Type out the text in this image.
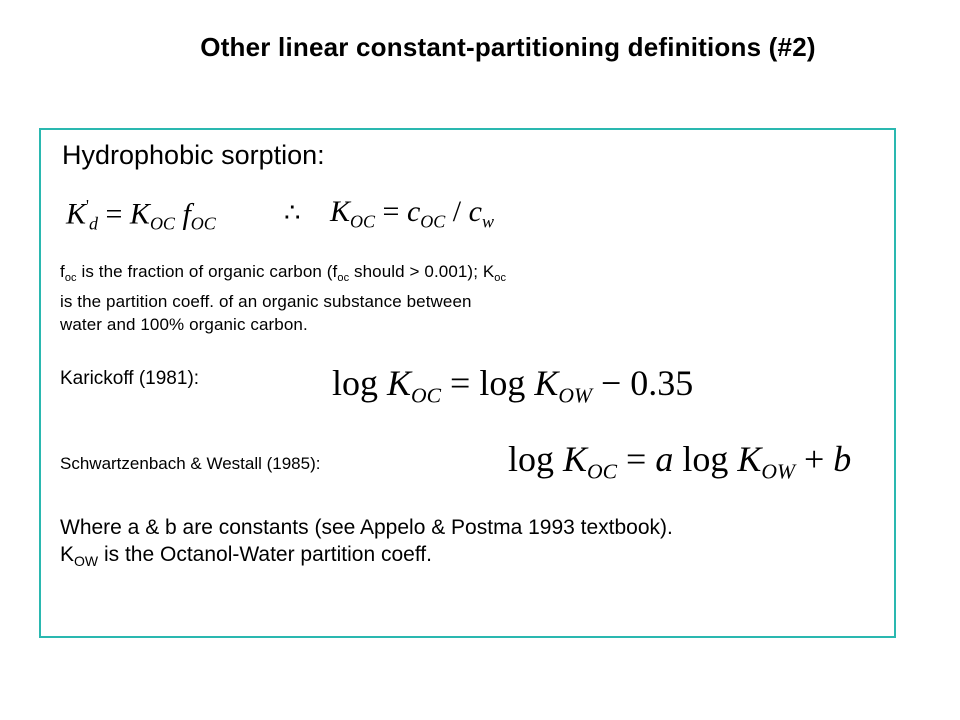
Other linear constant-partitioning definitions (#2)
Hydrophobic sorption:
$K'_d = K_{OC}$ $f_{OC}$	∴ $K_{OC} = c_{OC} / c_w$
$f_{oc}$ is the fraction of organic carbon ($f_{oc}$ should > 0.001); $K_{oc}$
is the partition coeff. of an organic substance between
water and 100% organic carbon.
Karickoff (1981):	$\log K_{OC} = \log K_{OW} - 0.35$
Schwartzenbach & Westall (1985):	$\log K_{OC} = a$ $\log K_{OW} + b$
Where a & b are constants (see Appelo & Postma 1993 textbook).
$K_{OW}$ is the Octanol-Water partition coeff.
